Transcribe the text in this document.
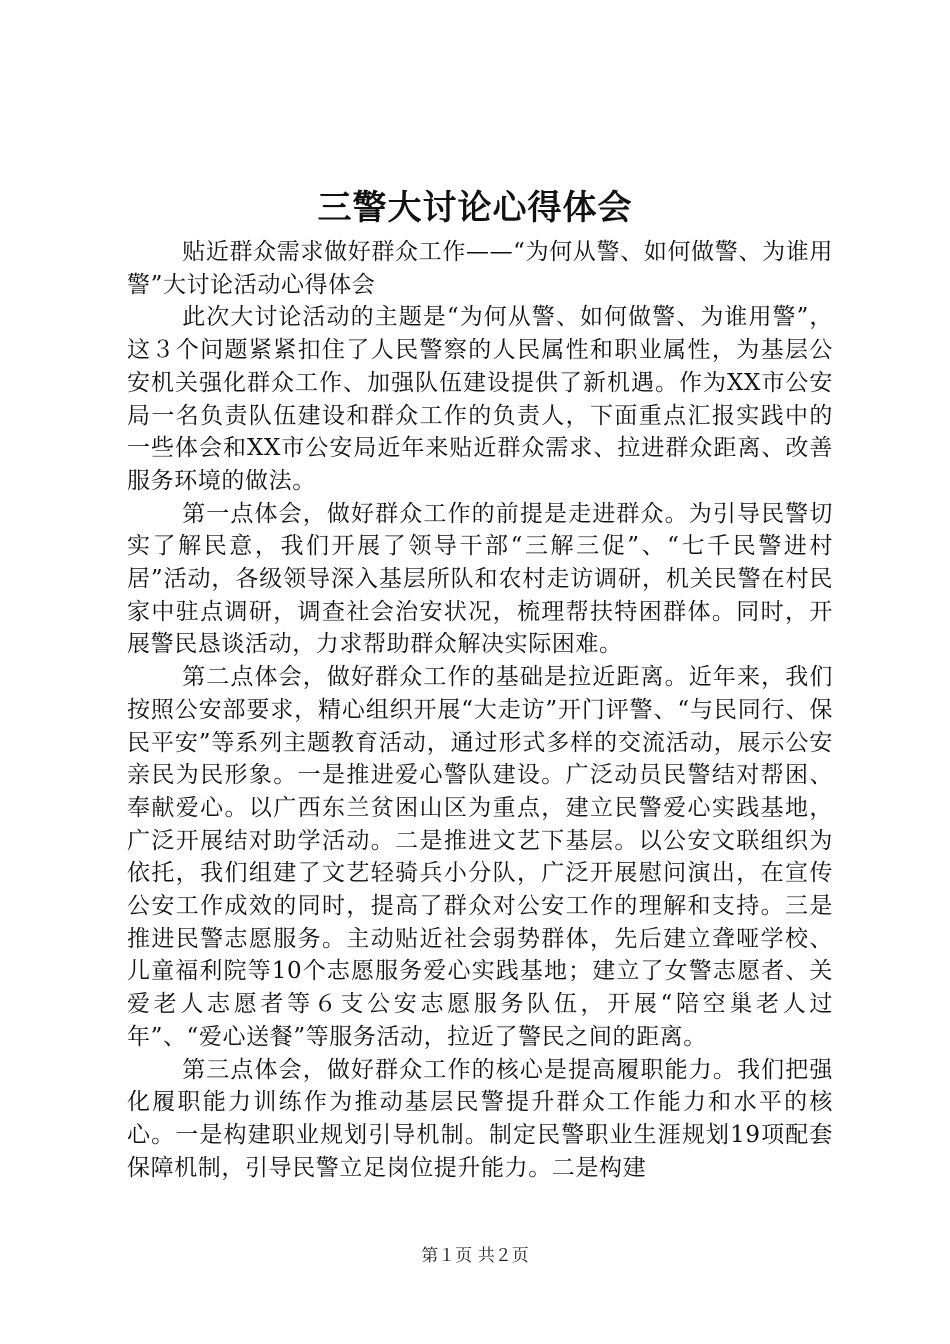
三警大讨论心得体会

贴近群众需求做好群众工作——“为何从警、如何做警、为谁用警”大讨论活动心得体会

此次大讨论活动的主题是“为何从警、如何做警、为谁用警”，这３个问题紧紧扣住了人民警察的人民属性和职业属性，为基层公安机关强化群众工作、加强队伍建设提供了新机遇。作为XX市公安局一名负责队伍建设和群众工作的负责人，下面重点汇报实践中的一些体会和XX市公安局近年来贴近群众需求、拉进群众距离、改善服务环境的做法。

第一点体会，做好群众工作的前提是走进群众。为引导民警切实了解民意，我们开展了领导干部“三解三促”、“七千民警进村居”活动，各级领导深入基层所队和农村走访调研，机关民警在村民家中驻点调研，调查社会治安状况，梳理帮扶特困群体。同时，开展警民恳谈活动，力求帮助群众解决实际困难。

第二点体会，做好群众工作的基础是拉近距离。近年来，我们按照公安部要求，精心组织开展“大走访”开门评警、“与民同行、保民平安”等系列主题教育活动，通过形式多样的交流活动，展示公安亲民为民形象。一是推进爱心警队建设。广泛动员民警结对帮困、奉献爱心。以广西东兰贫困山区为重点，建立民警爱心实践基地，广泛开展结对助学活动。二是推进文艺下基层。以公安文联组织为依托，我们组建了文艺轻骑兵小分队，广泛开展慰问演出，在宣传公安工作成效的同时，提高了群众对公安工作的理解和支持。三是推进民警志愿服务。主动贴近社会弱势群体，先后建立聋哑学校、儿童福利院等10个志愿服务爱心实践基地；建立了女警志愿者、关爱老人志愿者等６支公安志愿服务队伍，开展“陪空巢老人过年”、“爱心送餐”等服务活动，拉近了警民之间的距离。

第三点体会，做好群众工作的核心是提高履职能力。我们把强化履职能力训练作为推动基层民警提升群众工作能力和水平的核心。一是构建职业规划引导机制。制定民警职业生涯规划19项配套保障机制，引导民警立足岗位提升能力。二是构建

第１页 共２页
